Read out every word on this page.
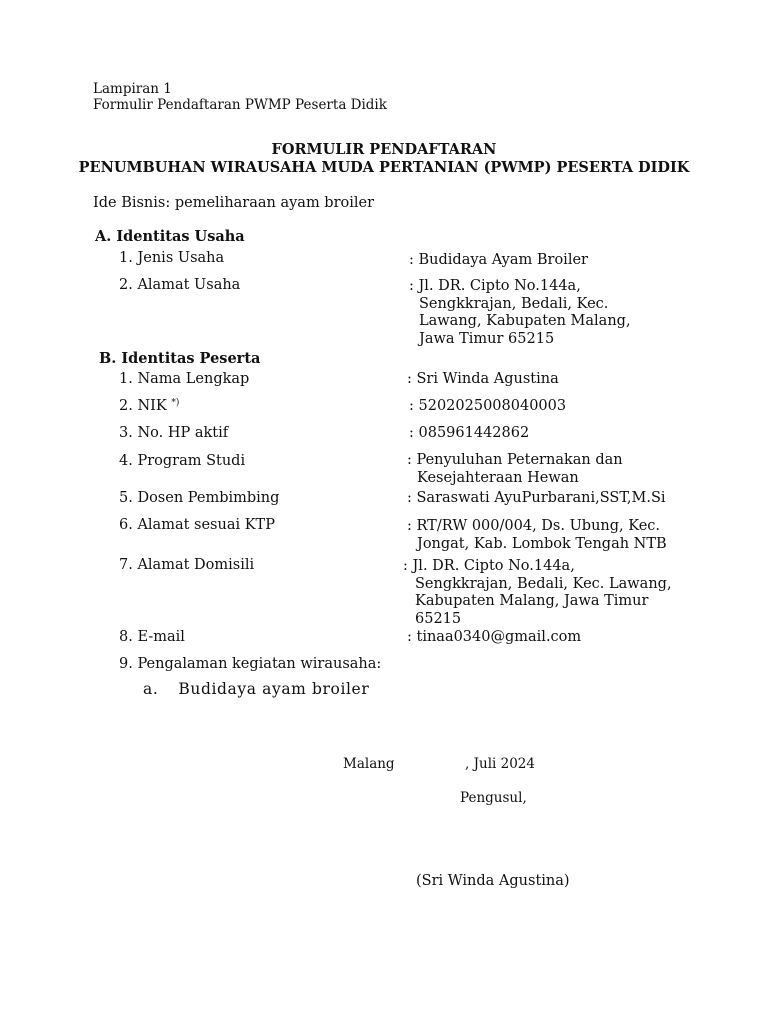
Lampiran 1
Formulir Pendaftaran PWMP Peserta Didik
FORMULIR PENDAFTARAN
PENUMBUHAN WIRAUSAHA MUDA PERTANIAN (PWMP) PESERTA DIDIK
Ide Bisnis: pemeliharaan ayam broiler
A. Identitas Usaha
1. Jenis Usaha	: Budidaya Ayam Broiler
2. Alamat Usaha	: Jl. DR. Cipto No.144a,
Sengkkrajan, Bedali, Kec.
Lawang, Kabupaten Malang,
Jawa Timur 65215
B. Identitas Peserta
1. Nama Lengkap	: Sri Winda Agustina
2. NIK *)	: 5202025008040003
3. No. HP aktif	: 085961442862
4. Program Studi	: Penyuluhan Peternakan dan
Kesejahteraan Hewan
5. Dosen Pembimbing	: Saraswati AyuPurbarani,SST,M.Si
6. Alamat sesuai KTP	: RT/RW 000/004, Ds. Ubung, Kec.
Jongat, Kab. Lombok Tengah NTB
7. Alamat Domisili	: Jl. DR. Cipto No.144a,
Sengkkrajan, Bedali, Kec. Lawang,
Kabupaten Malang, Jawa Timur
65215
8. E-mail	: tinaa0340@gmail.com
9. Pengalaman kegiatan wirausaha:
a. Budidaya ayam broiler
Malang	, Juli 2024
Pengusul,
(Sri Winda Agustina)
